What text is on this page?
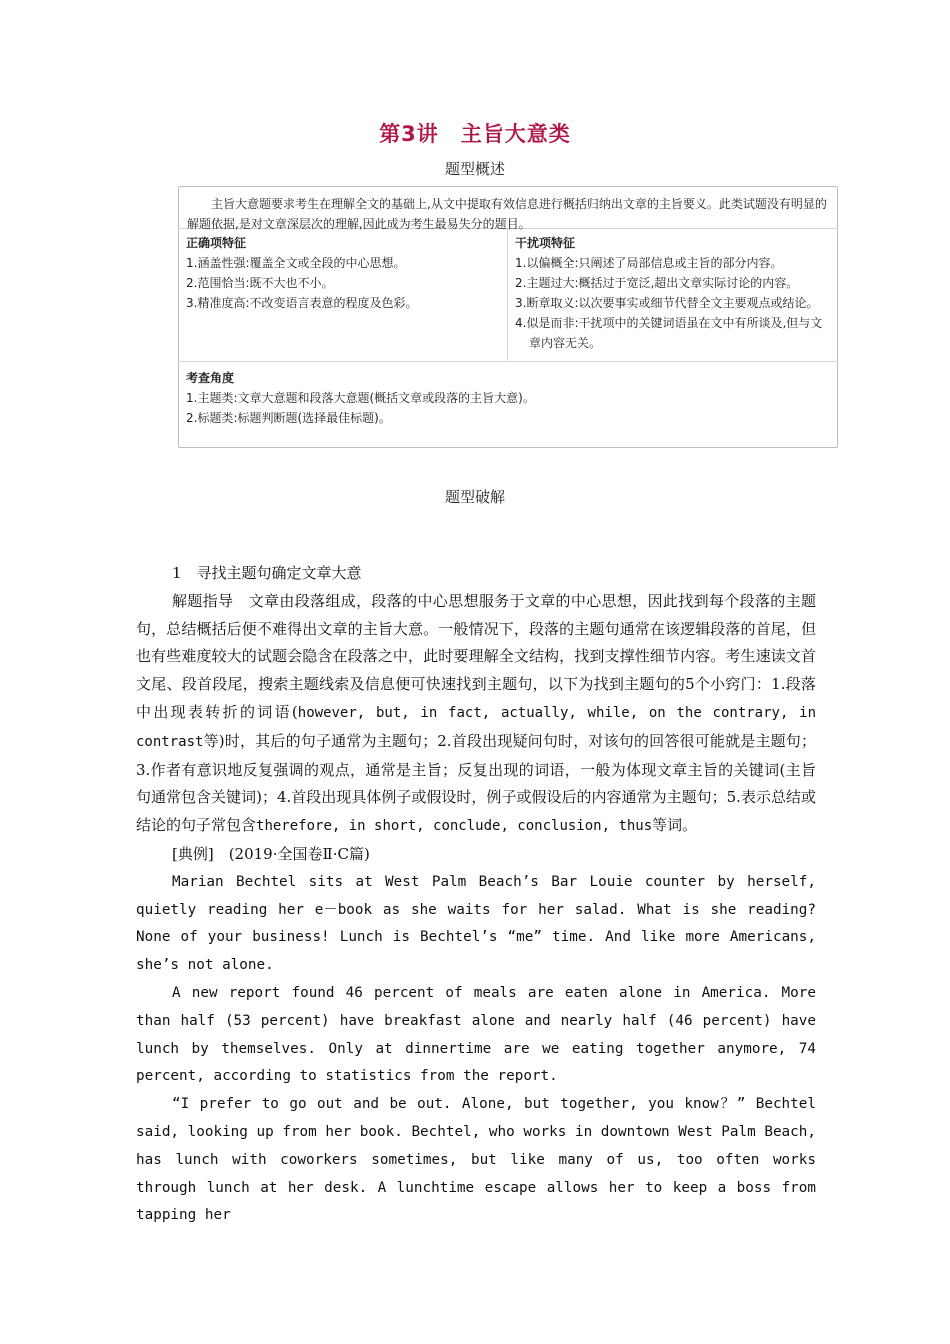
第3讲　主旨大意类
题型概述
主旨大意题要求考生在理解全文的基础上,从文中提取有效信息进行概括归纳出文章的主旨要义。此类试题没有明显的解题依据,是对文章深层次的理解,因此成为考生最易失分的题目。
正确项特征
1.涵盖性强:覆盖全文或全段的中心思想。
2.范围恰当:既不大也不小。
3.精准度高:不改变语言表意的程度及色彩。
干扰项特征
1.以偏概全:只阐述了局部信息或主旨的部分内容。
2.主题过大:概括过于宽泛,超出文章实际讨论的内容。
3.断章取义:以次要事实或细节代替全文主要观点或结论。
4.似是而非:干扰项中的关键词语虽在文中有所谈及,但与文章内容无关。
考查角度
1.主题类:文章大意题和段落大意题(概括文章或段落的主旨大意)。
2.标题类:标题判断题(选择最佳标题)。
题型破解

1　寻找主题句确定文章大意

解题指导　文章由段落组成，段落的中心思想服务于文章的中心思想，因此找到每个段落的主题句，总结概括后便不难得出文章的主旨大意。一般情况下，段落的主题句通常在该逻辑段落的首尾，但也有些难度较大的试题会隐含在段落之中，此时要理解全文结构，找到支撑性细节内容。考生速读文首文尾、段首段尾，搜索主题线索及信息便可快速找到主题句，以下为找到主题句的5个小窍门：1.段落中出现表转折的词语(however, but, in fact, actually, while, on the contrary, in contrast等)时，其后的句子通常为主题句；2.首段出现疑问句时，对该句的回答很可能就是主题句；3.作者有意识地反复强调的观点，通常是主旨；反复出现的词语，一般为体现文章主旨的关键词(主旨句通常包含关键词)；4.首段出现具体例子或假设时，例子或假设后的内容通常为主题句；5.表示总结或结论的句子常包含therefore, in short, conclude, conclusion, thus等词。

[典例]　(2019·全国卷Ⅱ·C篇)

Marian Bechtel sits at West Palm Beach’s Bar Louie counter by herself, quietly reading her e－book as she waits for her salad. What is she reading? None of your business! Lunch is Bechtel’s “me” time. And like more Americans, she’s not alone.

A new report found 46 percent of meals are eaten alone in America. More than half (53 percent) have breakfast alone and nearly half (46 percent) have lunch by themselves. Only at dinnertime are we eating together anymore, 74 percent, according to statistics from the report.

“I prefer to go out and be out. Alone, but together, you know？” Bechtel said, looking up from her book. Bechtel, who works in downtown West Palm Beach, has lunch with coworkers sometimes, but like many of us, too often works through lunch at her desk. A lunchtime escape allows her to keep a boss from tapping her
